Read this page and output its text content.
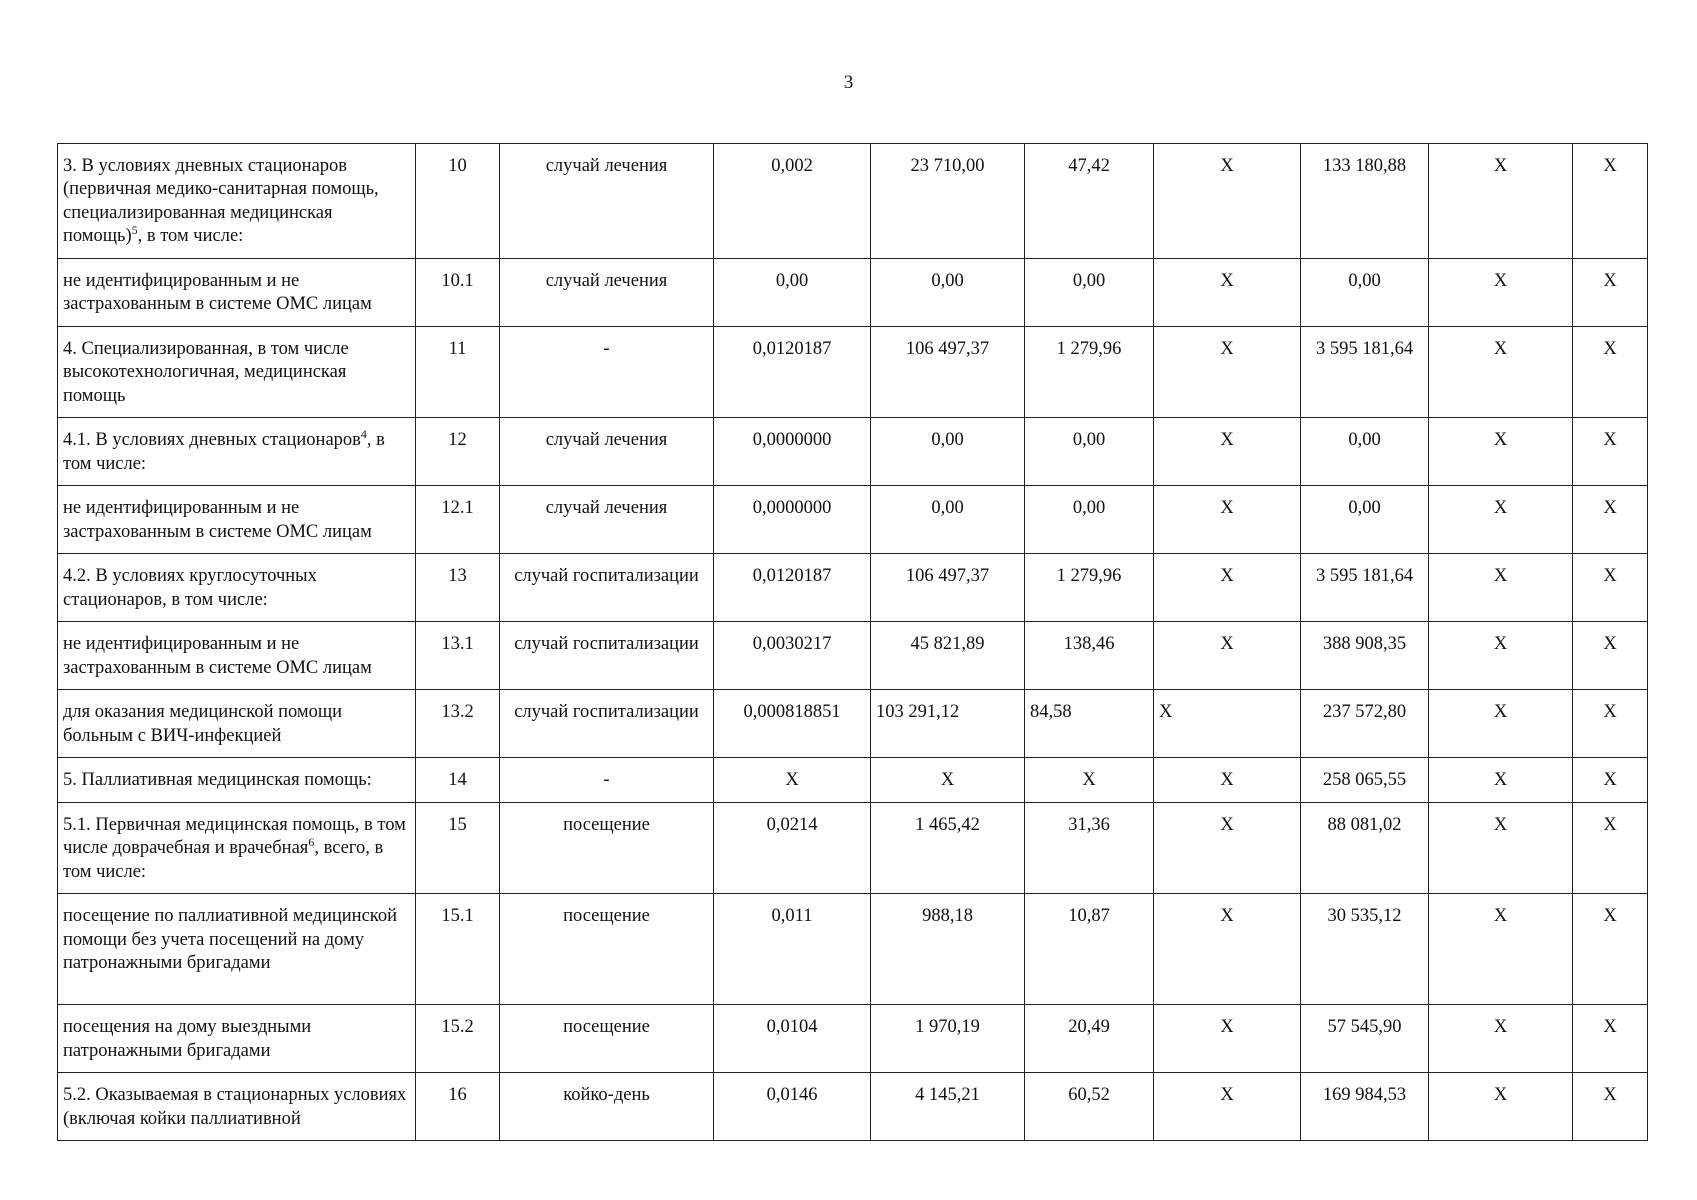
3
3. В условиях дневных стационаров (первичная медико-санитарная помощь, специализированная медицинская помощь)$^5$, в том числе:	10	случай лечения	0,002	23 710,00	47,42	X	133 180,88	X	X
не идентифицированным и не застрахованным в системе ОМС лицам	10.1	случай лечения	0,00	0,00	0,00	X	0,00	X	X
4. Специализированная, в том числе высокотехнологичная, медицинская помощь	11	-	0,0120187	106 497,37	1 279,96	X	3 595 181,64	X	X
4.1. В условиях дневных стационаров$^4$, в том числе:	12	случай лечения	0,0000000	0,00	0,00	X	0,00	X	X
не идентифицированным и не застрахованным в системе ОМС лицам	12.1	случай лечения	0,0000000	0,00	0,00	X	0,00	X	X
4.2. В условиях круглосуточных стационаров, в том числе:	13	случай госпитализации	0,0120187	106 497,37	1 279,96	X	3 595 181,64	X	X
не идентифицированным и не застрахованным в системе ОМС лицам	13.1	случай госпитализации	0,0030217	45 821,89	138,46	X	388 908,35	X	X
для оказания медицинской помощи больным с ВИЧ-инфекцией	13.2	случай госпитализации	0,000818851	103 291,12	84,58	X	237 572,80	X	X
5. Паллиативная медицинская помощь:	14	-	X	X	X	X	258 065,55	X	X
5.1. Первичная медицинская помощь, в том числе доврачебная и врачебная$^6$, всего, в том числе:	15	посещение	0,0214	1 465,42	31,36	X	88 081,02	X	X
посещение по паллиативной медицинской помощи без учета посещений на дому патронажными бригадами	15.1	посещение	0,011	988,18	10,87	X	30 535,12	X	X
посещения на дому выездными патронажными бригадами	15.2	посещение	0,0104	1 970,19	20,49	X	57 545,90	X	X
5.2. Оказываемая в стационарных условиях (включая койки паллиативной	16	койко-день	0,0146	4 145,21	60,52	X	169 984,53	X	X
